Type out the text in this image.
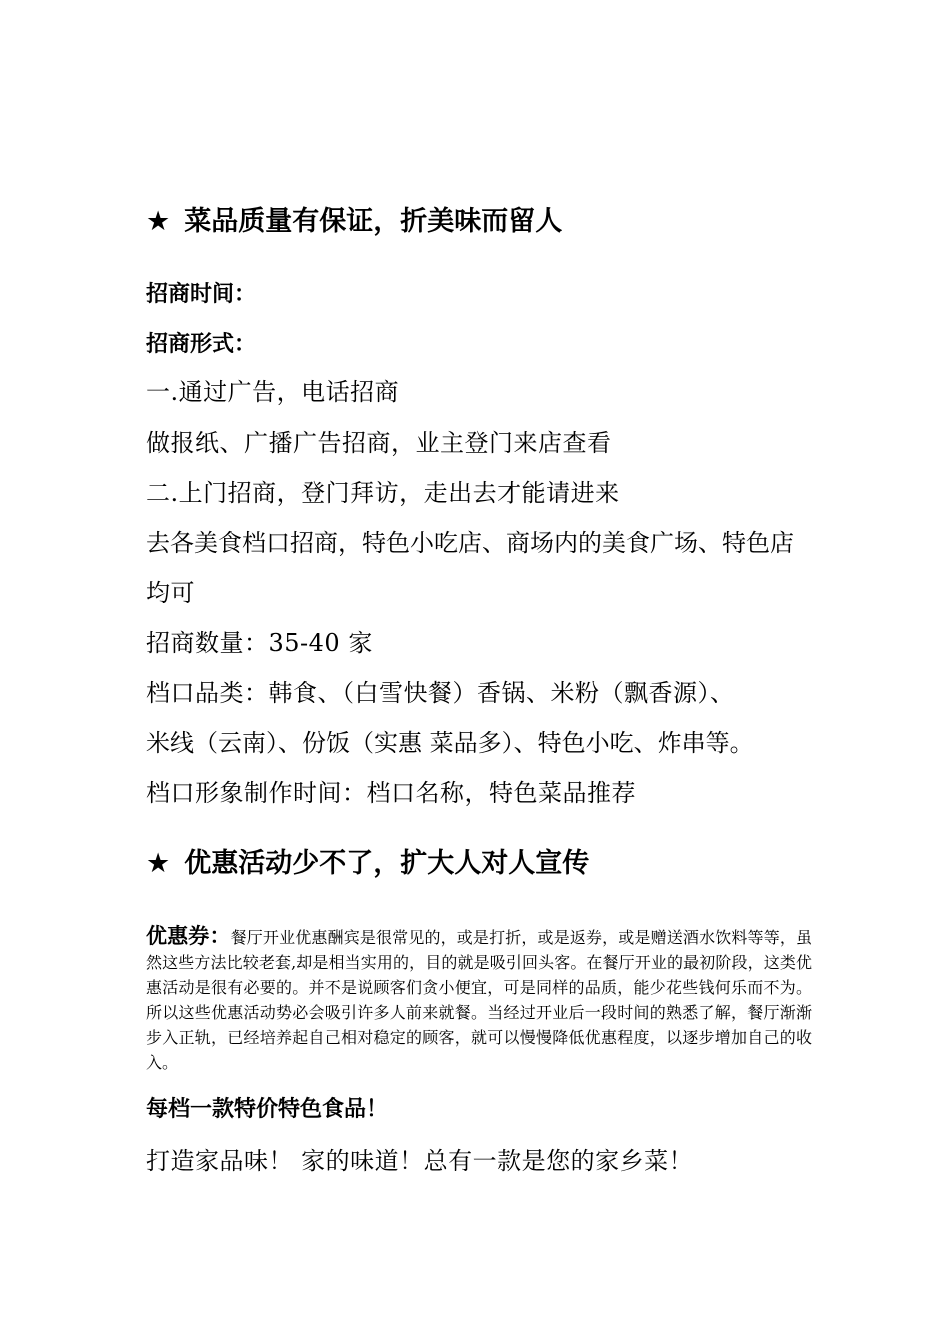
★ 菜品质量有保证，折美味而留人
招商时间：
招商形式：
一.通过广告，电话招商
做报纸、广播广告招商，业主登门来店查看
二.上门招商，登门拜访，走出去才能请进来
去各美食档口招商，特色小吃店、商场内的美食广场、特色店
均可
招商数量：35-40 家
档口品类：韩食、（白雪快餐）香锅、米粉（飘香源）、
米线（云南）、份饭（实惠 菜品多）、特色小吃、炸串等。
档口形象制作时间：档口名称，特色菜品推荐
★ 优惠活动少不了，扩大人对人宣传
优惠券：餐厅开业优惠酬宾是很常见的，或是打折，或是返券，或是赠送酒水饮料等等，虽然这些方法比较老套,却是相当实用的，目的就是吸引回头客。在餐厅开业的最初阶段，这类优惠活动是很有必要的。并不是说顾客们贪小便宜，可是同样的品质，能少花些钱何乐而不为。所以这些优惠活动势必会吸引许多人前来就餐。当经过开业后一段时间的熟悉了解，餐厅渐渐步入正轨，已经培养起自己相对稳定的顾客，就可以慢慢降低优惠程度，以逐步增加自己的收入。
每档一款特价特色食品！
打造家品味！ 家的味道！总有一款是您的家乡菜！
